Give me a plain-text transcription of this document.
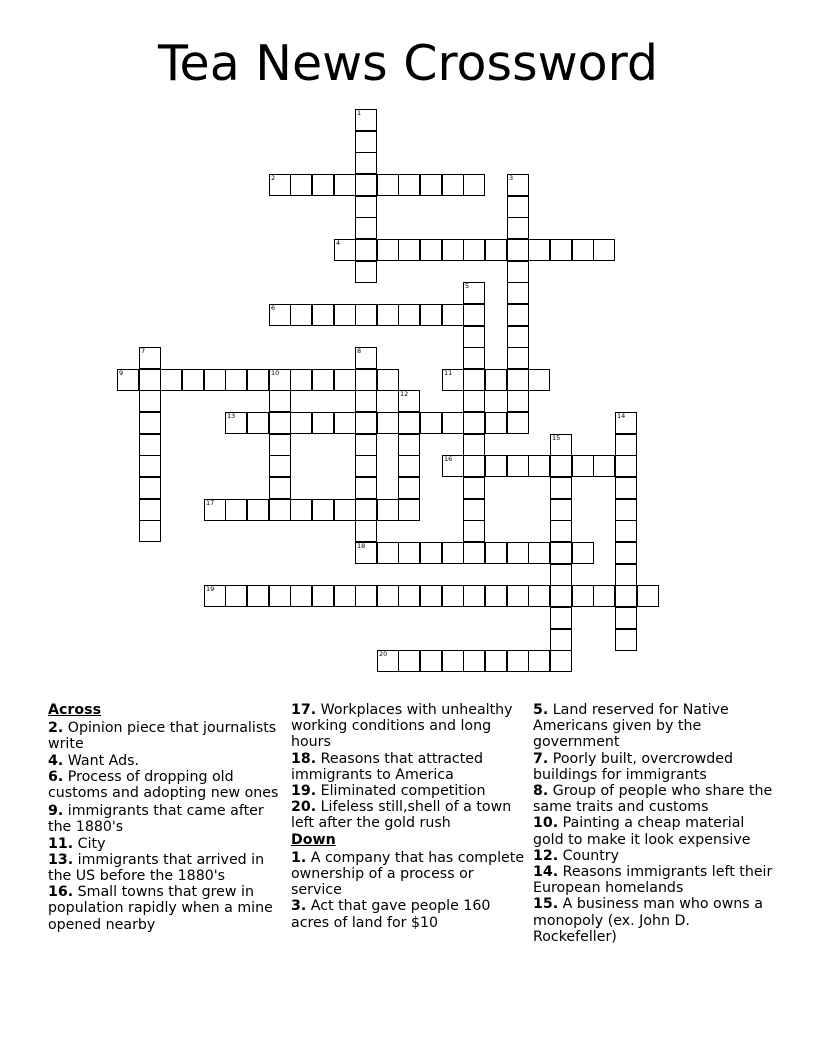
Tea News Crossword
1
2	3
4
5
6
7	8
18
9	10	11
12
13	14
15
16
17
19
20

Across

2. Opinion piece that journalists write

4. Want Ads.

6. Process of dropping old customs and adopting new ones

9. immigrants that came after the 1880's

11. City

13. immigrants that arrived in the US before the 1880's

16. Small towns that grew in population rapidly when a mine opened nearby

17. Workplaces with unhealthy working conditions and long hours

18. Reasons that attracted immigrants to America

19. Eliminated competition

20. Lifeless still,shell of a town left after the gold rush

Down

1. A company that has complete ownership of a process or service

3. Act that gave people 160 acres of land for $10

5. Land reserved for Native Americans given by the government

7. Poorly built, overcrowded buildings for immigrants

8. Group of people who share the same traits and customs

10. Painting a cheap material gold to make it look expensive

12. Country

14. Reasons immigrants left their European homelands

15. A business man who owns a monopoly (ex. John D. Rockefeller)
